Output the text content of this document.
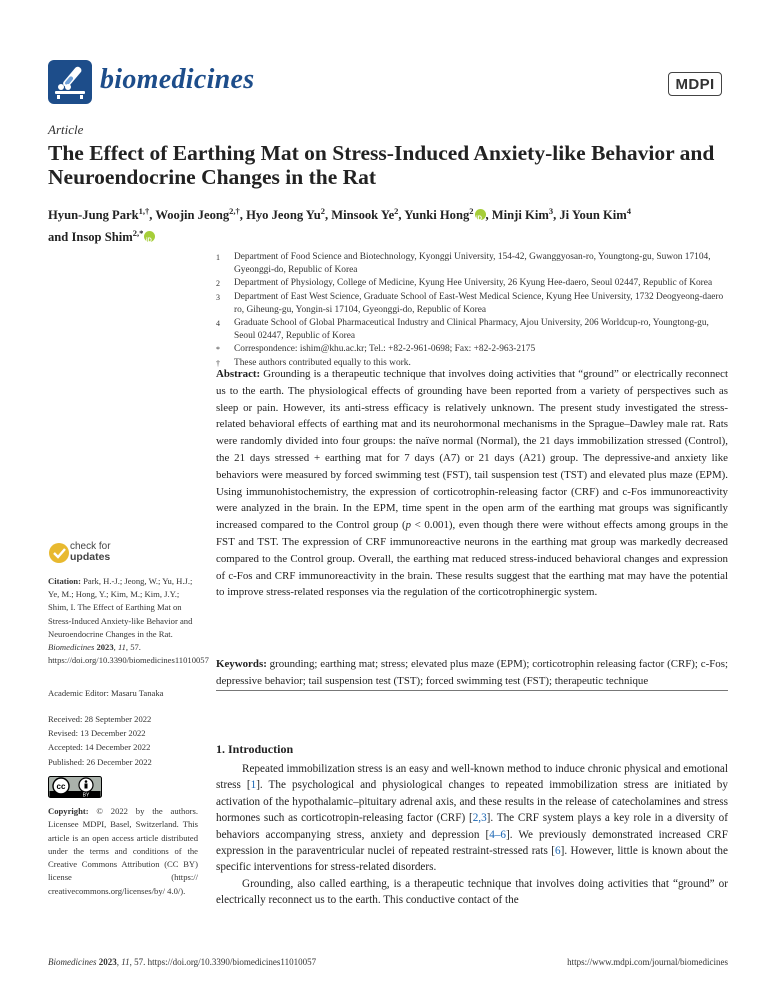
biomedicines	MDPI
Article
The Effect of Earthing Mat on Stress-Induced Anxiety-like Behavior and Neuroendocrine Changes in the Rat
Hyun-Jung Park$^{1,\dagger}$, Woojin Jeong$^{2,\dagger}$, Hyo Jeong Yu$^2$, Minsook Ye$^2$, Yunki Hong$^2$iD , Minji Kim$^3$, Ji Youn Kim$^4$
and Insop Shim$^{2,*}$iD
1	Department of Food Science and Biotechnology, Kyonggi University, 154-42, Gwanggyosan-ro, Youngtong-gu, Suwon 17104, Gyeonggi-do, Republic of Korea
2	Department of Physiology, College of Medicine, Kyung Hee University, 26 Kyung Hee-daero, Seoul 02447, Republic of Korea
3	Department of East West Science, Graduate School of East-West Medical Science, Kyung Hee University, 1732 Deogyeong-daero ro, Giheung-gu, Yongin-si 17104, Gyeonggi-do, Republic of Korea
4	Graduate School of Global Pharmaceutical Industry and Clinical Pharmacy, Ajou University, 206 Worldcup-ro, Youngtong-gu, Seoul 02447, Republic of Korea
*	Correspondence: ishim@khu.ac.kr; Tel.: +82-2-961-0698; Fax: +82-2-963-2175
†	These authors contributed equally to this work.
Abstract: Grounding is a therapeutic technique that involves doing activities that “ground” or electrically reconnect us to the earth. The physiological effects of grounding have been reported from a variety of perspectives such as sleep or pain. However, its anti-stress efficacy is relatively unknown. The present study investigated the stress-related behavioral effects of earthing mat and its neurohormonal mechanisms in the Sprague–Dawley male rat. Rats were randomly divided into four groups: the naïve normal (Normal), the 21 days immobilization stressed (Control), the 21 days stressed + earthing mat for 7 days (A7) or 21 days (A21) group. The depressive-and anxiety like behaviors were measured by forced swimming test (FST), tail suspension test (TST) and elevated plus maze (EPM). Using immunohistochemistry, the expression of corticotrophin-releasing factor (CRF) and c-Fos immunoreactivity were analyzed in the brain. In the EPM, time spent in the open arm of the earthing mat groups was significantly increased compared to the Control group (p < 0.001), even though there were without effects among groups in the FST and TST. The expression of CRF immunoreactive neurons in the earthing mat group was markedly decreased compared to the Control group. Overall, the earthing mat reduced stress-induced behavioral changes and expression of c-Fos and CRF immunoreactivity in the brain. These results suggest that the earthing mat may have the potential to improve stress-related responses via the regulation of the corticotrophinergic system.
Keywords: grounding; earthing mat; stress; elevated plus maze (EPM); corticotrophin releasing factor (CRF); c-Fos; depressive behavior; tail suspension test (TST); forced swimming test (FST); therapeutic technique
check for
updates
Citation: Park, H.-J.; Jeong, W.; Yu, H.J.; Ye, M.; Hong, Y.; Kim, M.; Kim, J.Y.; Shim, I. The Effect of Earthing Mat on Stress-Induced Anxiety-like Behavior and Neuroendocrine Changes in the Rat. Biomedicines 2023, 11, 57. https://doi.org/10.3390/biomedicines11010057
Academic Editor: Masaru Tanaka
Received: 28 September 2022
Revised: 13 December 2022
Accepted: 14 December 2022
Published: 26 December 2022
cc
BY
Copyright: © 2022 by the authors. Licensee MDPI, Basel, Switzerland. This article is an open access article distributed under the terms and conditions of the Creative Commons Attribution (CC BY) license (https:// creativecommons.org/licenses/by/ 4.0/).
1. Introduction

Repeated immobilization stress is an easy and well-known method to induce chronic physical and emotional stress [1]. The psychological and physiological changes to repeated immobilization stress are initiated by activation of the hypothalamic–pituitary adrenal axis, and these results in the release of catecholamines and stress hormones such as corticotropin-releasing factor (CRF) [2,3]. The CRF system plays a key role in a diversity of behaviors accompanying stress, anxiety and depression [4–6]. We previously demonstrated increased CRF expression in the paraventricular nuclei of repeated restraint-stressed rats [6]. However, little is known about the specific interventions for stress-related disorders.

Grounding, also called earthing, is a therapeutic technique that involves doing activities that “ground” or electrically reconnect us to the earth. This conductive contact of the

Biomedicines 2023, 11, 57. https://doi.org/10.3390/biomedicines11010057	https://www.mdpi.com/journal/biomedicines
